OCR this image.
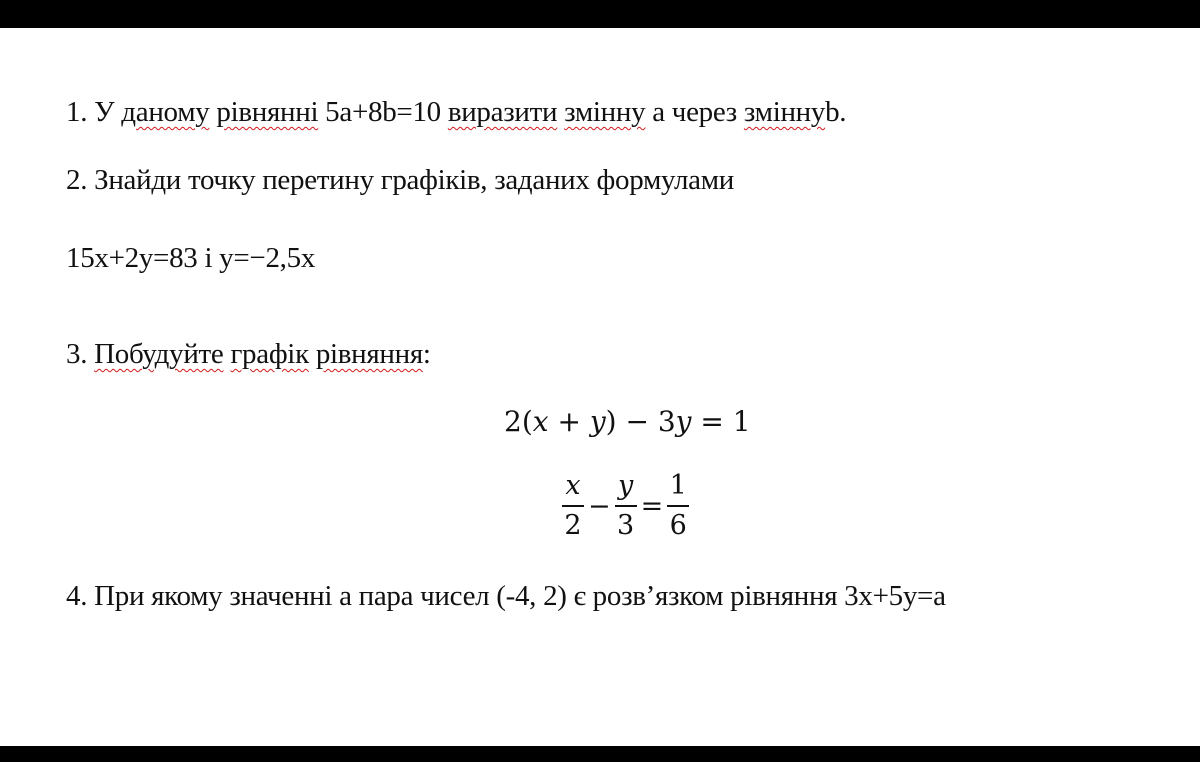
1. У даному рівнянні 5a+8b=10 виразити змінну a через зміннуb.
2. Знайди точку перетину графіків, заданих формулами
15x+2y=83 і y=−2,5x
3. Побудуйте графік рівняння:
2(x + y) − 3y = 1
$\frac{x}{2} - \frac{y}{3} = \frac{1}{6}$
4. При якому значенні a пара чисел (-4, 2) є розв’язком рівняння 3x+5y=a
